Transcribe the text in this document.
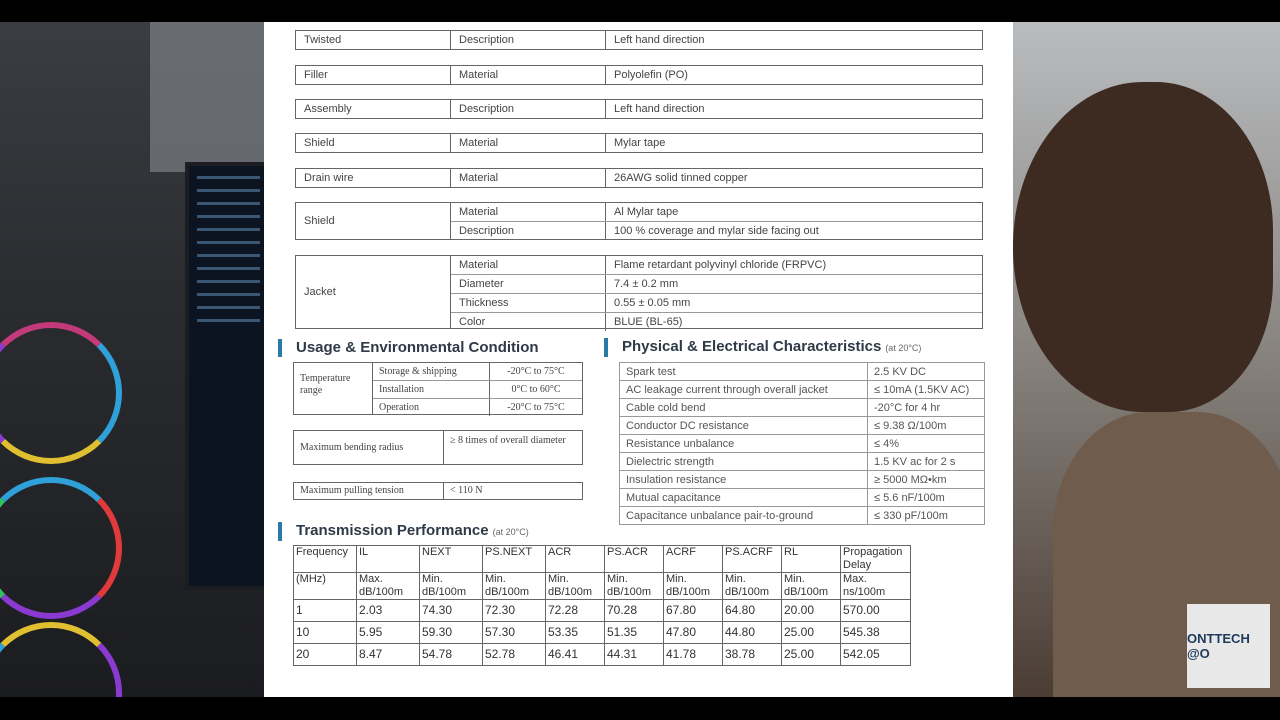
Twisted	Description	Left hand direction
Filler	Material	Polyolefin (PO)
Assembly	Description	Left hand direction
Shield	Material	Mylar tape
Drain wire	Material	26AWG solid tinned copper
Shield
Material	Al Mylar tape
Description	100 % coverage and mylar side facing out
Jacket
Material	Flame retardant polyvinyl chloride (FRPVC)
Diameter	7.4 ± 0.2 mm
Thickness	0.55 ± 0.05 mm
Color	BLUE (BL-65)
Usage & Environmental Condition
Temperature range
Storage & shipping	-20°C to 75°C
Installation	0°C to 60°C
Operation	-20°C to 75°C
Maximum bending radius
≥ 8 times of overall diameter
Maximum pulling tension	< 110 N
Physical & Electrical Characteristics (at 20°C)
Spark test	2.5 KV DC
AC leakage current through overall jacket	≤ 10mA (1.5KV AC)
Cable cold bend	-20°C for 4 hr
Conductor DC resistance	≤ 9.38 Ω/100m
Resistance unbalance	≤ 4%
Dielectric strength	1.5 KV ac for 2 s
Insulation resistance	≥ 5000 MΩ•km
Mutual capacitance	≤ 5.6 nF/100m
Capacitance unbalance pair-to-ground	≤ 330 pF/100m
Transmission Performance (at 20°C)
Frequency	IL	NEXT	PS.NEXT	ACR	PS.ACR	ACRF	PS.ACRF	RL	Propagation Delay
(MHz)	Max. dB/100m	Min. dB/100m	Min. dB/100m	Min. dB/100m	Min. dB/100m	Min. dB/100m	Min. dB/100m	Min. dB/100m	Max. ns/100m
1	2.03	74.30	72.30	72.28	70.28	67.80	64.80	20.00	570.00
10	5.95	59.30	57.30	53.35	51.35	47.80	44.80	25.00	545.38
20	8.47	54.78	52.78	46.41	44.31	41.78	38.78	25.00	542.05
ONTTECH @O
